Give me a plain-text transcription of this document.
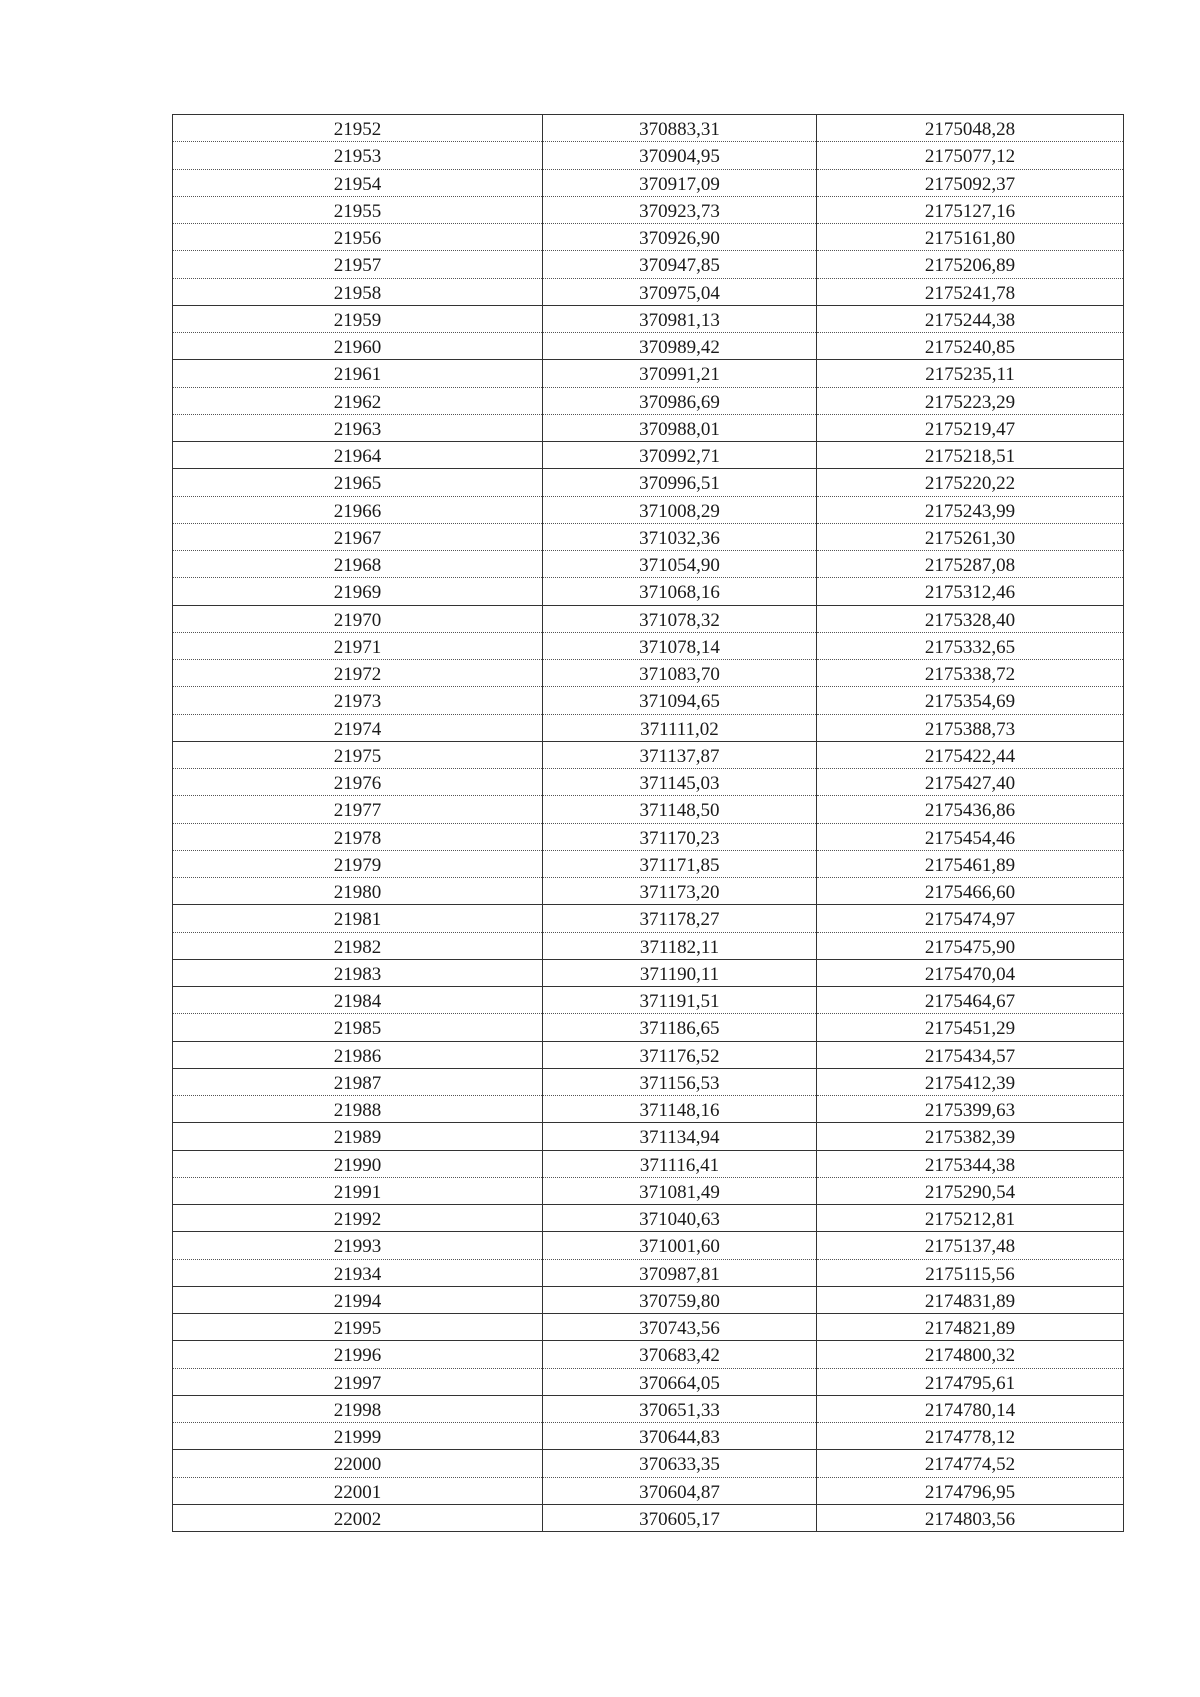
21952	370883,31	2175048,28
21953	370904,95	2175077,12
21954	370917,09	2175092,37
21955	370923,73	2175127,16
21956	370926,90	2175161,80
21957	370947,85	2175206,89
21958	370975,04	2175241,78
21959	370981,13	2175244,38
21960	370989,42	2175240,85
21961	370991,21	2175235,11
21962	370986,69	2175223,29
21963	370988,01	2175219,47
21964	370992,71	2175218,51
21965	370996,51	2175220,22
21966	371008,29	2175243,99
21967	371032,36	2175261,30
21968	371054,90	2175287,08
21969	371068,16	2175312,46
21970	371078,32	2175328,40
21971	371078,14	2175332,65
21972	371083,70	2175338,72
21973	371094,65	2175354,69
21974	371111,02	2175388,73
21975	371137,87	2175422,44
21976	371145,03	2175427,40
21977	371148,50	2175436,86
21978	371170,23	2175454,46
21979	371171,85	2175461,89
21980	371173,20	2175466,60
21981	371178,27	2175474,97
21982	371182,11	2175475,90
21983	371190,11	2175470,04
21984	371191,51	2175464,67
21985	371186,65	2175451,29
21986	371176,52	2175434,57
21987	371156,53	2175412,39
21988	371148,16	2175399,63
21989	371134,94	2175382,39
21990	371116,41	2175344,38
21991	371081,49	2175290,54
21992	371040,63	2175212,81
21993	371001,60	2175137,48
21934	370987,81	2175115,56
21994	370759,80	2174831,89
21995	370743,56	2174821,89
21996	370683,42	2174800,32
21997	370664,05	2174795,61
21998	370651,33	2174780,14
21999	370644,83	2174778,12
22000	370633,35	2174774,52
22001	370604,87	2174796,95
22002	370605,17	2174803,56
